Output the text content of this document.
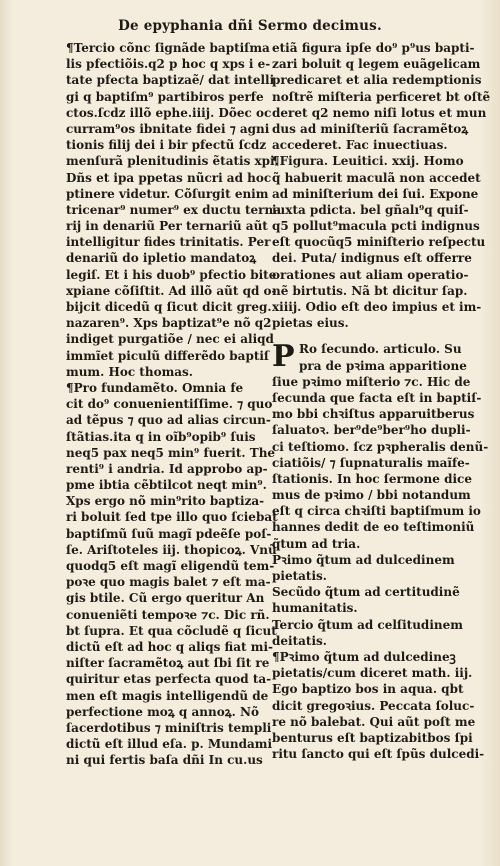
De epyphania dñi Sermo decimus.
¶Tercio cõnc ſignãde baptiſma
lis pfectiõis.q2 p hoc q xps i e-
tate pfecta baptizaẽ/ dat intelli
gi q baptiſm⁹ partibiros perfe
ctos.ſcdz illõ ephe.iiij. Dõec oc
curram⁹os ibnitate fidei ⁊ agni
tionis filij dei i bir pfectũ ſcdz
menſurã plenitudinis ẽtatis xpi.
Dñs et ipa ppetas nũcri ad hoc
ptinere videtur. Cõſurgit enim
tricenar⁹ numer⁹ ex ductu terna
rij in denariũ Per ternariũ aũt
intelligitur fides trinitatis. Per
denariũ do ipletio mandatoꝝ
legiſ. Et i his duob⁹ pfectio bite
xpiane cõſiſtit. Ad illõ aũt qd o-
bijcit dicedũ q ſicut dicit greg.
nazaren⁹. Xps baptizat⁹e nõ q2
indiget purgatiõe / nec ei aliqd
immĩet piculũ differẽdo baptiſ
mum. Hoc thomas.
¶Pro fundamẽto. Omnia fe
cit do⁹ conuenientiſſime. ⁊ quo
ad tẽpus ⁊ quo ad alias circun-
ſtãtias.ita q in oĩb⁹opib⁹ ſuis
neq5 pax neq5 min⁹ fuerit. The
renti⁹ i andria. Id approbo ap-
pme ibtia cẽbtilcot neqt min⁹.
Xps ergo nõ min⁹rito baptiza-
ri boluit ſed tpe illo quo ſciebat
baptiſmũ ſuũ magĩ pdeẽſe poſ-
ſe. Ariſtoteles iij. thopicoꝝ. Vnũ
quodq5 eſt magĩ eligendũ tem-
poꝛe quo magis balet ⁊ eſt ma-
gis btile. Cũ ergo queritur An
conueniẽti tempoꝛe ⁊c. Dic rñ.
bt ſupra. Et qua cõcludẽ q ſicut
dictũ eſt ad hoc q aliqs fiat mi-
niſter ſacramẽtoꝝ aut ſbi ſit re
quiritur etas perfecta quod ta-
men eſt magis intelligendũ de
perfectione moꝝ q annoꝝ. Nõ
ſacerdotibus ⁊ miniſtris templi
dictũ eſt illud eſa. p. Mundami
ni qui fertis baſa dñi In cu.us
etiã figura ipſe do⁹ p⁹us bapti-
zari boluit q legem euãgelicam
predicaret et alia redemptionis
noſtrẽ miſteria perficeret bt oſtẽ
deret q2 nemo niſi lotus et mun
dus ad miniſteriũ ſacramẽtoꝝ
accederet. Fac inuectiuas.
¶Figura. Leuitici. xxij. Homo
q̃ habuerit maculã non accedet
ad miniſterium dei ſui. Expone
iuxta pdicta. bel gñalı⁹q quiſ-
q5 pollut⁹macula pcti indignus
eſt quocũq5 miniſterio reſpectu
dei. Puta/ indignus eſt offerre
orationes aut aliam operatio-
nẽ birtutis. Nã bt dicitur ſap.
xiiij. Odio eſt deo impius et im-
pietas eius.
P Ro ſecundo. articulo. Su
pra de pꝛima apparitione
ſiue pꝛimo miſterio ⁊c. Hic de
ſecunda que facta eſt in baptiſ-
mo bbi chꝛiſtus apparuitberus
ſaluatoꝛ. ber⁹de⁹ber⁹ho dupli-
ci teſtiomo. ſcz pꝛpheralis denũ-
ciatiõis/ ⁊ ſupnaturalis maĩfe-
ſtationis. In hoc ſermone dice
mus de pꝛimo / bbi notandum
eſt q circa chꝛiſti baptiſmum io
hannes dedit de eo teſtimoniũ
q̃tum ad tria.
Pꝛimo q̃tum ad dulcedinem
pietatis.
Secũdo q̃tum ad certitudinẽ
humanitatis.
Tercio q̃tum ad celſitudinem
deitatis.
¶Pꝛimo q̃tum ad dulcedineꝫ
pietatis/cum diceret math. iij.
Ego baptizo bos in aqua. qbt
dicit gregoꝛius. Peccata ſoluc-
re nõ balebat. Qui aũt poſt me
benturus eſt baptizabitbos ſpi
ritu ſancto qui eſt ſpũs dulcedi-
